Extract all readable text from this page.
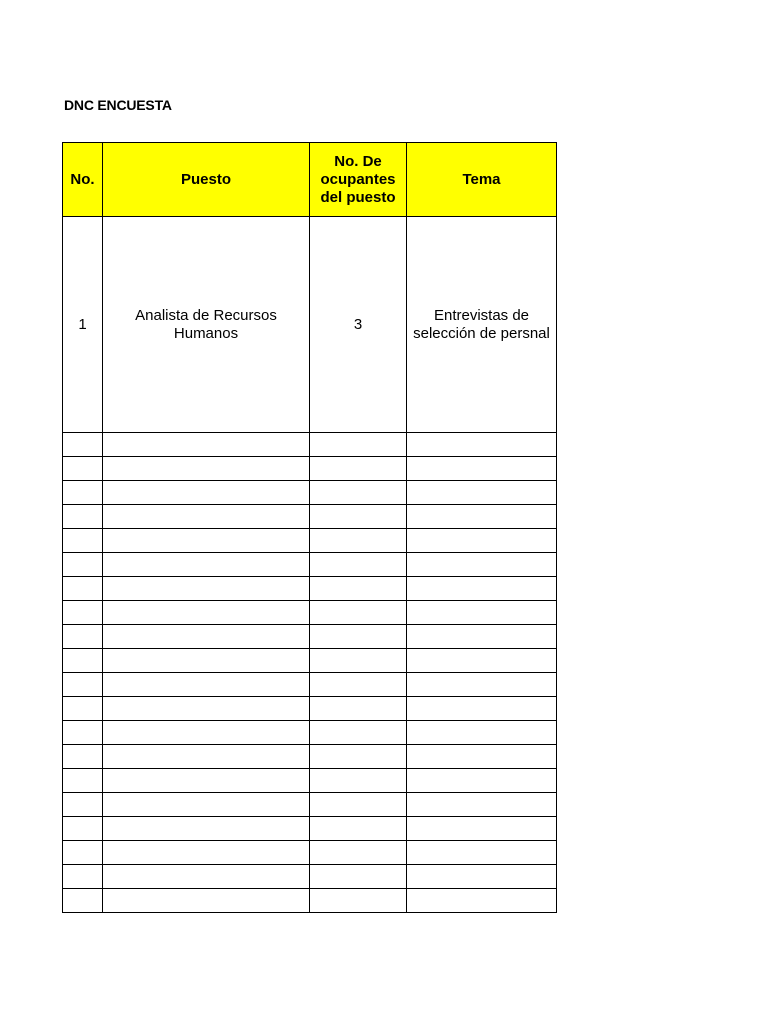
DNC ENCUESTA
No.	Puesto	No. De ocupantes del puesto	Tema
1	Analista de Recursos Humanos	3	Entrevistas de selección de persnal
